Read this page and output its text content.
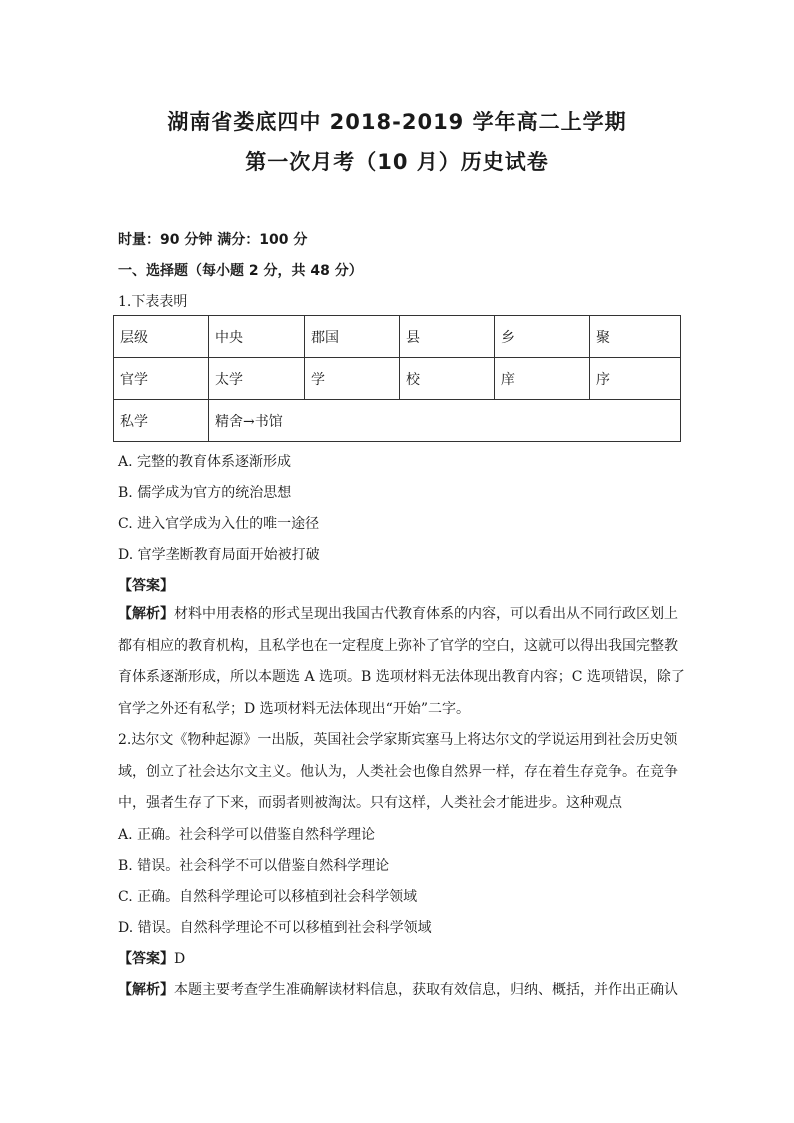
湖南省娄底四中 2018-2019 学年高二上学期
第一次月考（10 月）历史试卷
时量：90 分钟 满分：100 分
一、选择题（每小题 2 分，共 48 分）
1.下表表明
层级	中央	郡国	县	乡	聚
官学	太学	学	校	庠	序
私学	精舍→书馆				
A. 完整的教育体系逐渐形成
B. 儒学成为官方的统治思想
C. 进入官学成为入仕的唯一途径
D. 官学垄断教育局面开始被打破
【答案】
【解析】材料中用表格的形式呈现出我国古代教育体系的内容，可以看出从不同行政区划上
都有相应的教育机构，且私学也在一定程度上弥补了官学的空白，这就可以得出我国完整教
育体系逐渐形成，所以本题选 A 选项。B 选项材料无法体现出教育内容；C 选项错误，除了
官学之外还有私学；D 选项材料无法体现出“开始”二字。
2.达尔文《物种起源》一出版，英国社会学家斯宾塞马上将达尔文的学说运用到社会历史领
域，创立了社会达尔文主义。他认为，人类社会也像自然界一样，存在着生存竞争。在竞争
中，强者生存了下来，而弱者则被淘汰。只有这样，人类社会才能进步。这种观点
A. 正确。社会科学可以借鉴自然科学理论
B. 错误。社会科学不可以借鉴自然科学理论
C. 正确。自然科学理论可以移植到社会科学领域
D. 错误。自然科学理论不可以移植到社会科学领域
【答案】D
【解析】本题主要考查学生准确解读材料信息，获取有效信息，归纳、概括，并作出正确认
